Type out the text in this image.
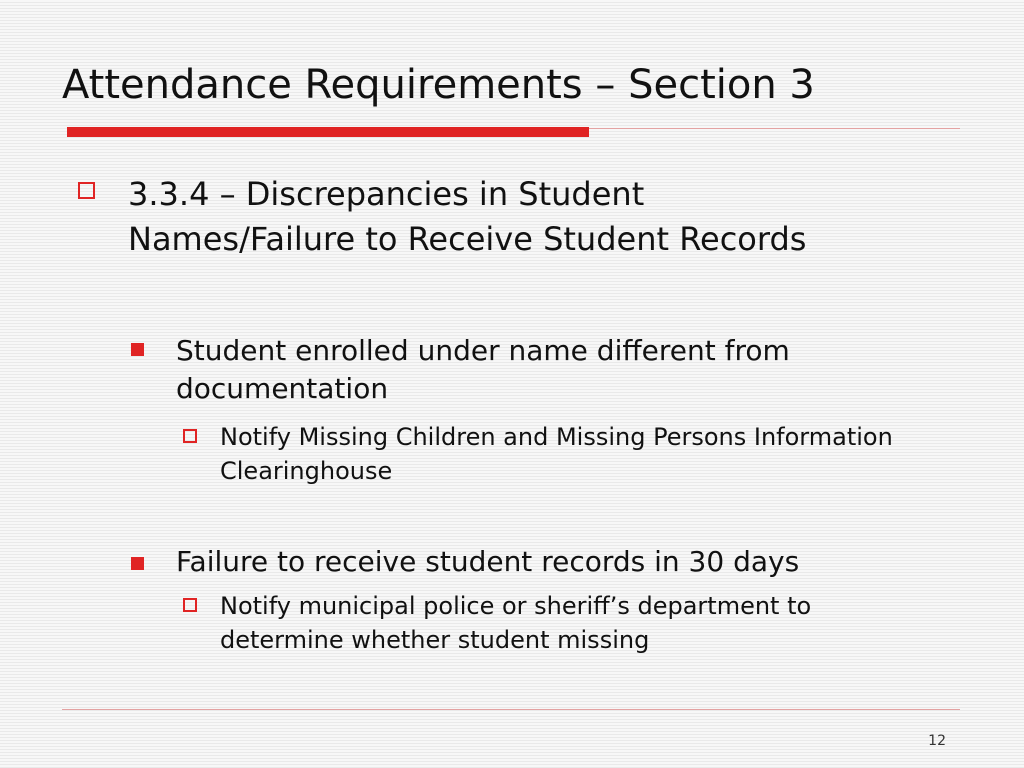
Attendance Requirements – Section 3
3.3.4 – Discrepancies in Student Names/Failure to Receive Student Records
Student enrolled under name different from documentation
Notify Missing Children and Missing Persons Information Clearinghouse
Failure to receive student records in 30 days
Notify municipal police or sheriff’s department to determine whether student missing
12
